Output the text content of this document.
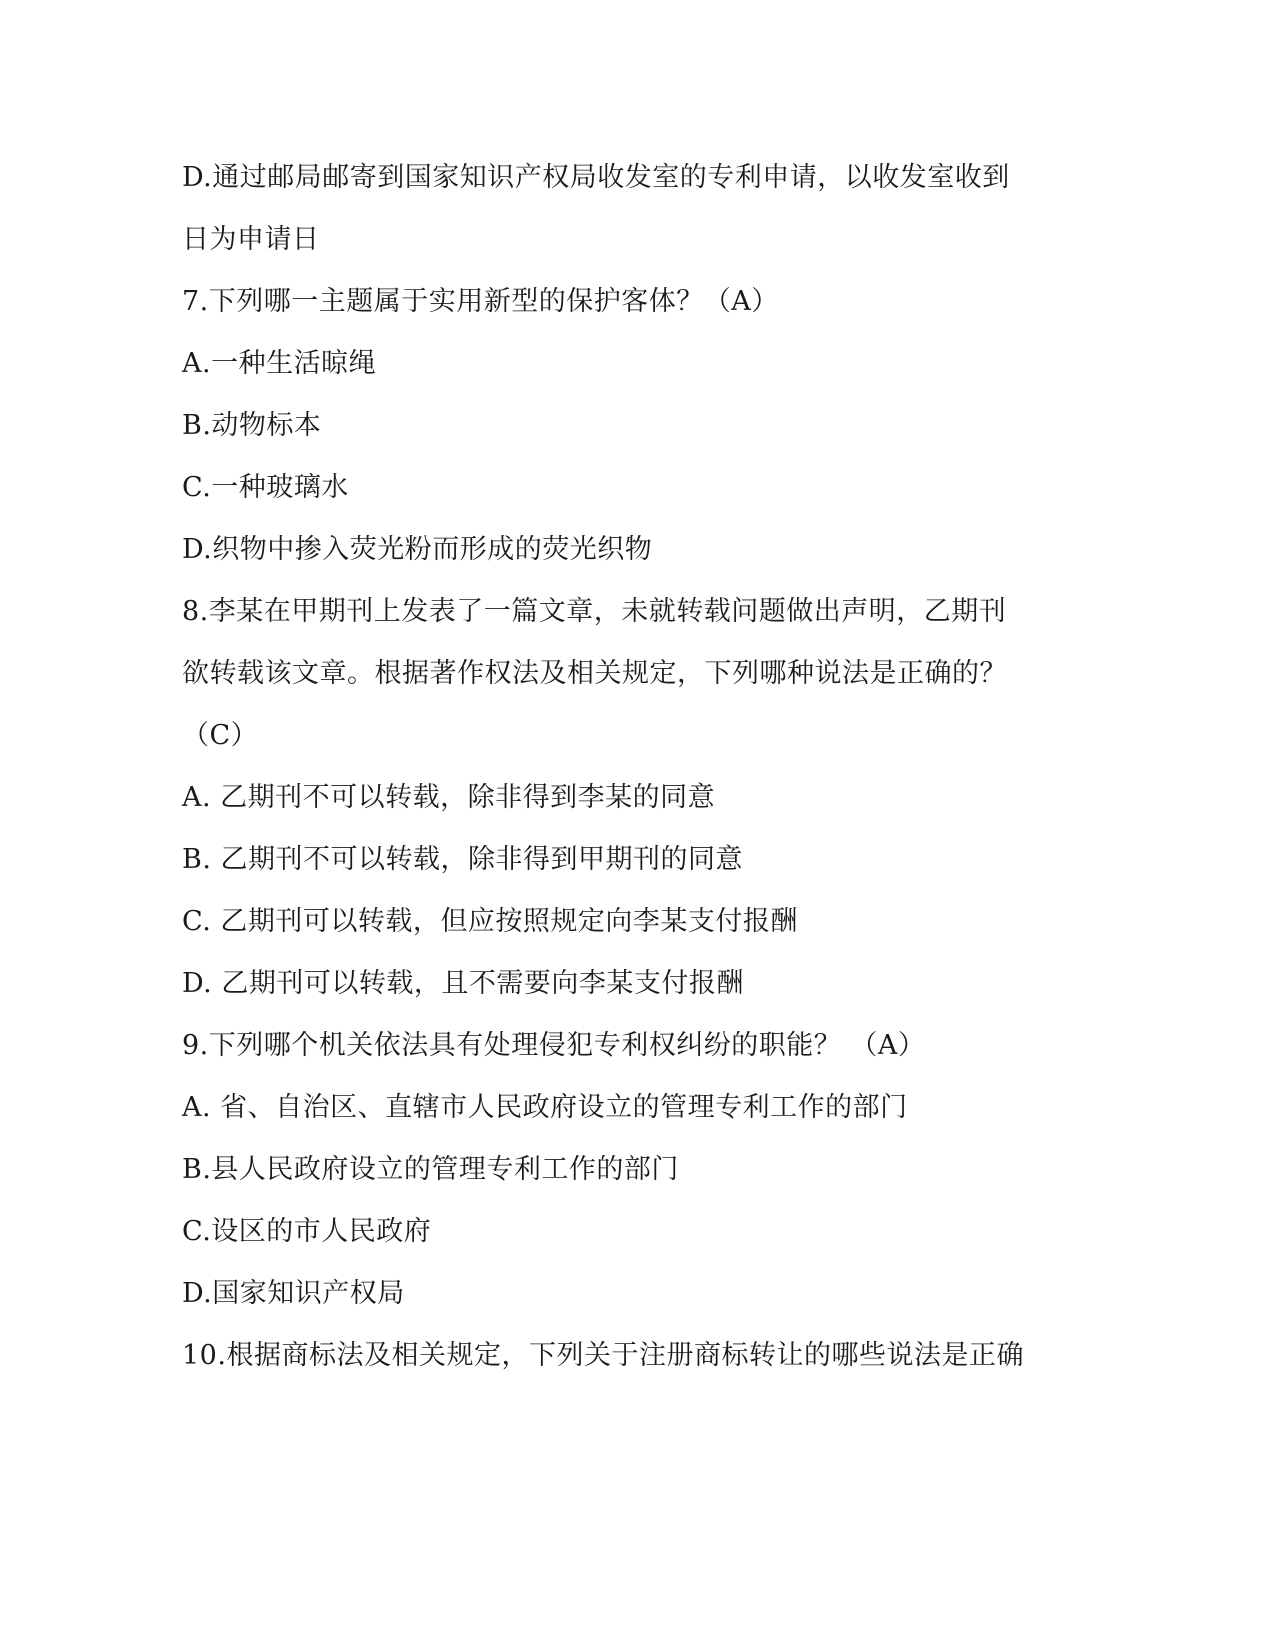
D.通过邮局邮寄到国家知识产权局收发室的专利申请，以收发室收到
日为申请日
7.下列哪一主题属于实用新型的保护客体？（A）
A.一种生活晾绳
B.动物标本
C.一种玻璃水
D.织物中掺入荧光粉而形成的荧光织物
8.李某在甲期刊上发表了一篇文章，未就转载问题做出声明，乙期刊
欲转载该文章。根据著作权法及相关规定，下列哪种说法是正确的？
（C）
A. 乙期刊不可以转载，除非得到李某的同意
B. 乙期刊不可以转载，除非得到甲期刊的同意
C. 乙期刊可以转载，但应按照规定向李某支付报酬
D. 乙期刊可以转载，且不需要向李某支付报酬
9.下列哪个机关依法具有处理侵犯专利权纠纷的职能？ （A）
A. 省、自治区、直辖市人民政府设立的管理专利工作的部门
B.县人民政府设立的管理专利工作的部门
C.设区的市人民政府
D.国家知识产权局
10.根据商标法及相关规定，下列关于注册商标转让的哪些说法是正确
